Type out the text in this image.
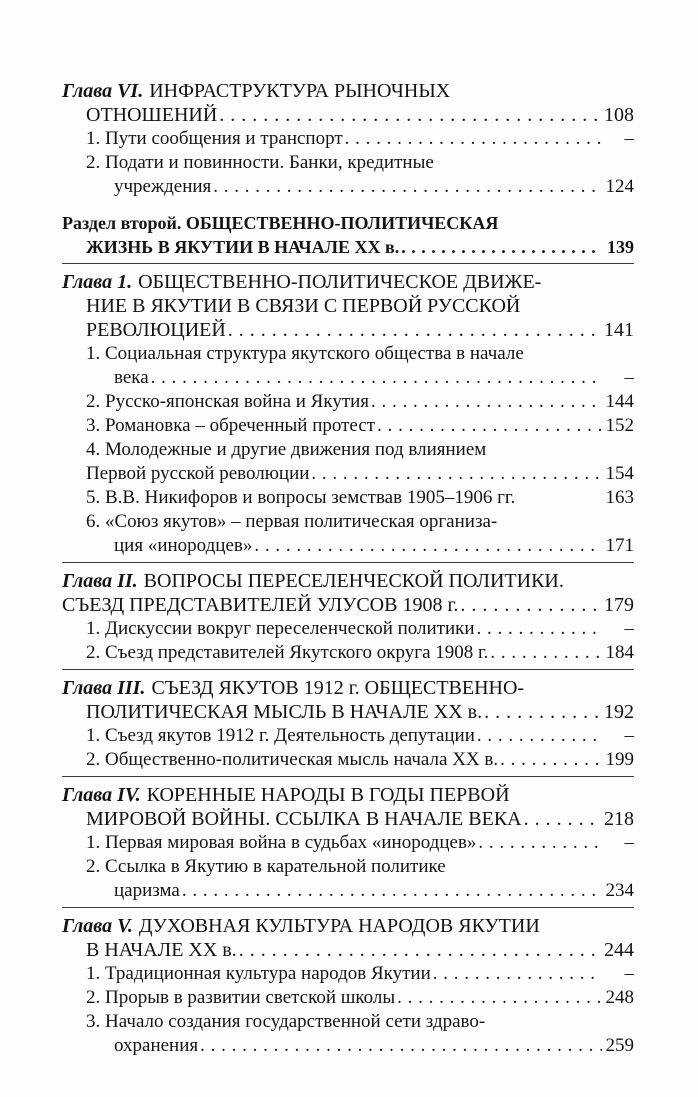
Глава VI. ИНФРАСТРУКТУРА РЫНОЧНЫХ
ОТНОШЕНИЙ . . .	108
1. Пути сообщения и транспорт . . .	–
2. Подати и повинности. Банки, кредитные
учреждения . . .	124
Раздел второй. ОБЩЕСТВЕННО-ПОЛИТИЧЕСКАЯ
ЖИЗНЬ В ЯКУТИИ В НАЧАЛЕ ХХ в. . . .	139
Глава 1. ОБЩЕСТВЕННО-ПОЛИТИЧЕСКОЕ ДВИЖЕ-
НИЕ В ЯКУТИИ В СВЯЗИ С ПЕРВОЙ РУССКОЙ
РЕВОЛЮЦИЕЙ . . .	141
1. Социальная структура якутского общества в начале
века . . .	–
2. Русско-японская война и Якутия . . .	144
3. Романовка – обреченный протест . . .	152
4. Молодежные и другие движения под влиянием
Первой русской революции . . .	154
5. В.В. Никифоров и вопросы земствав 1905–1906 гг.	163
6. «Союз якутов» – первая политическая организа-
ция «инородцев» . . .	171
Глава II. ВОПРОСЫ ПЕРЕСЕЛЕНЧЕСКОЙ ПОЛИТИКИ.
СЪЕЗД ПРЕДСТАВИТЕЛЕЙ УЛУСОВ 1908 г. . . .	179
1. Дискуссии вокруг переселенческой политики . . .	–
2. Съезд представителей Якутского округа 1908 г. . . .	184
Глава III. СЪЕЗД ЯКУТОВ 1912 г. ОБЩЕСТВЕННО-
ПОЛИТИЧЕСКАЯ МЫСЛЬ В НАЧАЛЕ ХХ в. . . .	192
1. Съезд якутов 1912 г. Деятельность депутации . . .	–
2. Общественно-политическая мысль начала ХХ в. . . .	199
Глава IV. КОРЕННЫЕ НАРОДЫ В ГОДЫ ПЕРВОЙ
МИРОВОЙ ВОЙНЫ. ССЫЛКА В НАЧАЛЕ ВЕКА . . .	218
1. Первая мировая война в судьбах «инородцев» . . .	–
2. Ссылка в Якутию в карательной политике
царизма . . .	234
Глава V. ДУХОВНАЯ КУЛЬТУРА НАРОДОВ ЯКУТИИ
В НАЧАЛЕ ХХ в. . . .	244
1. Традиционная культура народов Якутии . . .	–
2. Прорыв в развитии светской школы . . .	248
3. Начало создания государственной сети здраво-
охранения . . .	259
